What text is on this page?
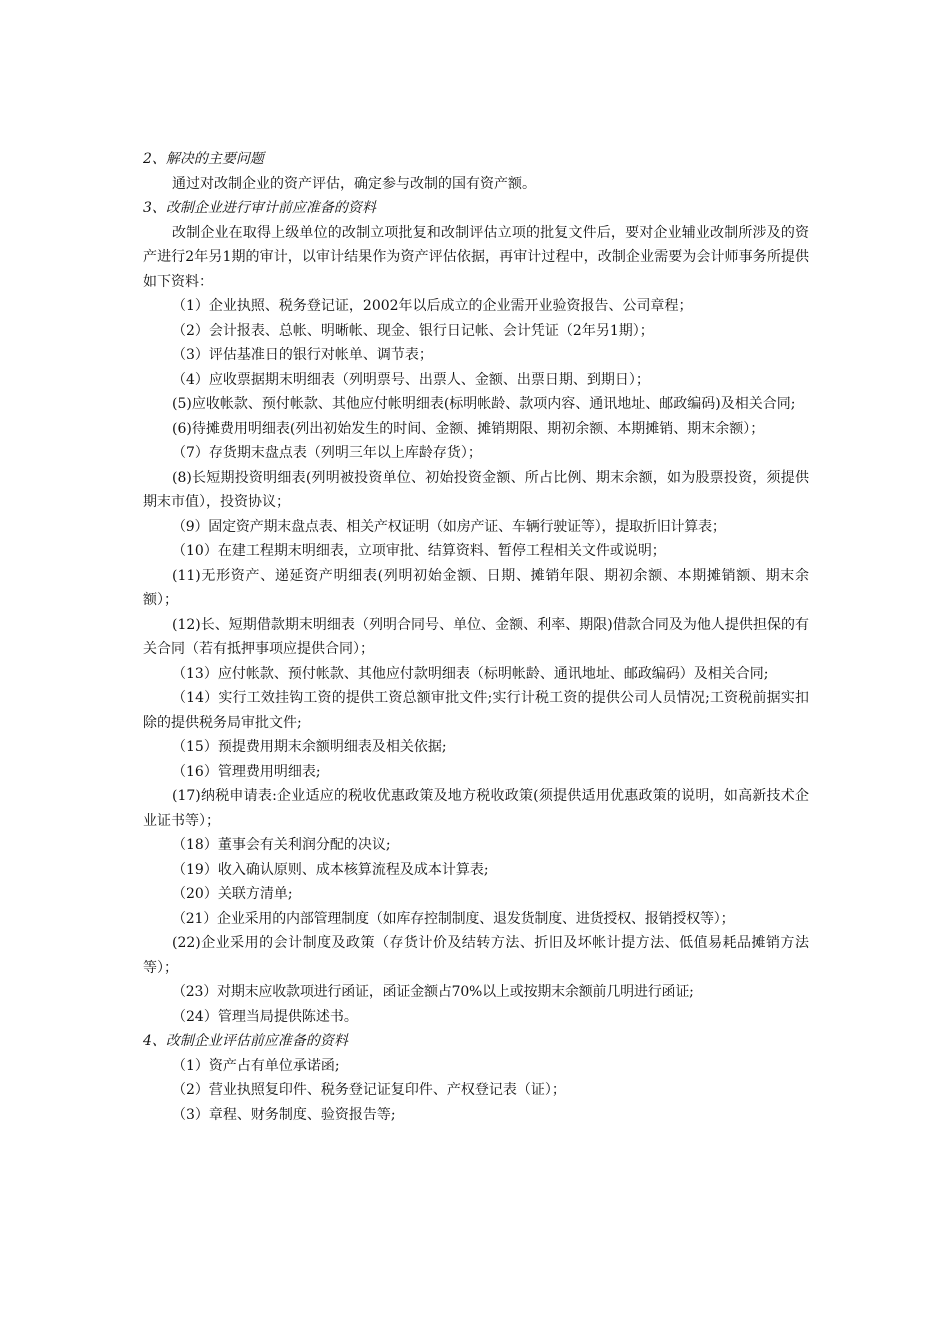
2、解决的主要问题

通过对改制企业的资产评估，确定参与改制的国有资产额。

3、改制企业进行审计前应准备的资料

改制企业在取得上级单位的改制立项批复和改制评估立项的批复文件后，要对企业辅业改制所涉及的资产进行2年另1期的审计，以审计结果作为资产评估依据，再审计过程中，改制企业需要为会计师事务所提供如下资料：

（1）企业执照、税务登记证，2002年以后成立的企业需开业验资报告、公司章程；

（2）会计报表、总帐、明晰帐、现金、银行日记帐、会计凭证（2年另1期）；

（3）评估基准日的银行对帐单、调节表；

（4）应收票据期末明细表（列明票号、出票人、金额、出票日期、到期日）；

(5)应收帐款、预付帐款、其他应付帐明细表(标明帐龄、款项内容、通讯地址、邮政编码)及相关合同;

(6)待摊费用明细表(列出初始发生的时间、金额、摊销期限、期初余额、本期摊销、期末余额）；

（7）存货期末盘点表（列明三年以上库龄存货）；

(8)长短期投资明细表(列明被投资单位、初始投资金额、所占比例、期末余额，如为股票投资，须提供期末市值），投资协议；

（9）固定资产期末盘点表、相关产权证明（如房产证、车辆行驶证等），提取折旧计算表；

（10）在建工程期末明细表，立项审批、结算资料、暂停工程相关文件或说明；

(11)无形资产、递延资产明细表(列明初始金额、日期、摊销年限、期初余额、本期摊销额、期末余额）；

(12)长、短期借款期末明细表（列明合同号、单位、金额、利率、期限)借款合同及为他人提供担保的有关合同（若有抵押事项应提供合同）；

（13）应付帐款、预付帐款、其他应付款明细表（标明帐龄、通讯地址、邮政编码）及相关合同;

（14）实行工效挂钩工资的提供工资总额审批文件;实行计税工资的提供公司人员情况;工资税前据实扣除的提供税务局审批文件;

（15）预提费用期末余额明细表及相关依据;

（16）管理费用明细表;

(17)纳税申请表:企业适应的税收优惠政策及地方税收政策(须提供适用优惠政策的说明，如高新技术企业证书等）；

（18）董事会有关利润分配的决议;

（19）收入确认原则、成本核算流程及成本计算表;

（20）关联方清单;

（21）企业采用的内部管理制度（如库存控制制度、退发货制度、进货授权、报销授权等）；

(22)企业采用的会计制度及政策（存货计价及结转方法、折旧及坏帐计提方法、低值易耗品摊销方法等）；

（23）对期末应收款项进行函证，函证金额占70%以上或按期末余额前几明进行函证;

（24）管理当局提供陈述书。

4、改制企业评估前应准备的资料

（1）资产占有单位承诺函;

（2）营业执照复印件、税务登记证复印件、产权登记表（证）；

（3）章程、财务制度、验资报告等;
